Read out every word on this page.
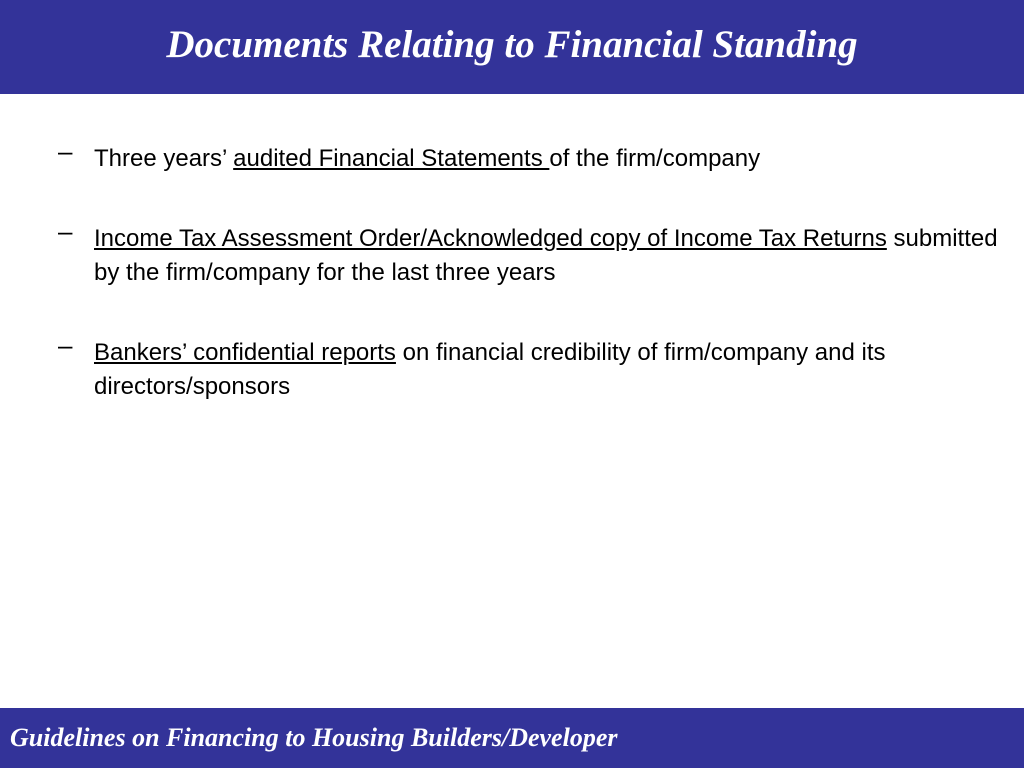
Documents Relating to Financial Standing
– Three years’ audited Financial Statements of the firm/company
– Income Tax Assessment Order/Acknowledged copy of Income Tax Returns submitted by the firm/company for the last three years
– Bankers’ confidential reports on financial credibility of firm/company and its directors/sponsors

Guidelines on Financing to Housing Builders/Developer
